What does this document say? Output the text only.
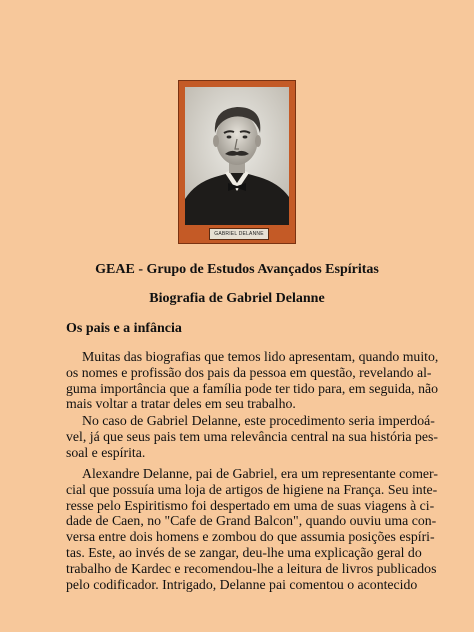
GABRIEL DELANNE
GEAE - Grupo de Estudos Avançados Espíritas
Biografia de Gabriel Delanne
Os pais e a infância
Muitas das biografias que temos lido apresentam, quando muito,
os nomes e profissão dos pais da pessoa em questão, revelando al-
guma importância que a família pode ter tido para, em seguida, não
mais voltar a tratar deles em seu trabalho.
No caso de Gabriel Delanne, este procedimento seria imperdoá-
vel, já que seus pais tem uma relevância central na sua história pes-
soal e espírita.
Alexandre Delanne, pai de Gabriel, era um representante comer-
cial que possuía uma loja de artigos de higiene na França. Seu inte-
resse pelo Espiritismo foi despertado em uma de suas viagens à ci-
dade de Caen, no "Cafe de Grand Balcon", quando ouviu uma con-
versa entre dois homens e zombou do que assumia posições espíri-
tas. Este, ao invés de se zangar, deu-lhe uma explicação geral do
trabalho de Kardec e recomendou-lhe a leitura de livros publicados
pelo codificador. Intrigado, Delanne pai comentou o acontecido
